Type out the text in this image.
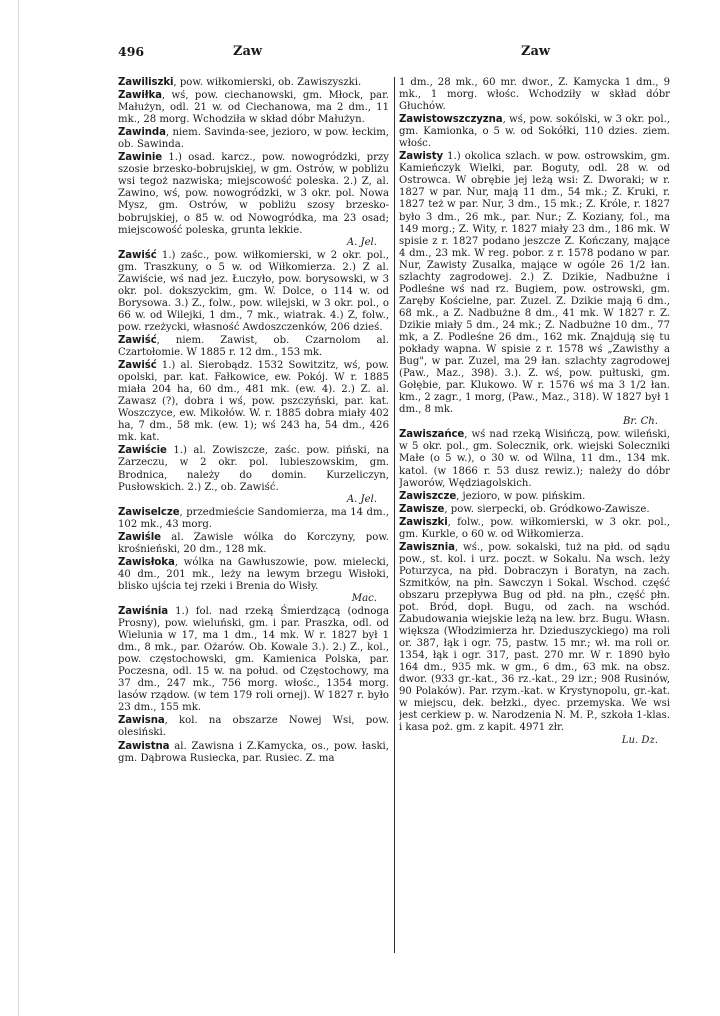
496	Zaw	Zaw

Zawiliszki, pow. wiłkomierski, ob. Zawiszyszki.

Zawiłka, wś, pow. ciechanowski, gm. Młock, par. Małużyn, odl. 21 w. od Ciechanowa, ma 2 dm., 11 mk., 28 morg. Wchodziła w skład dóbr Małużyn.

Zawinda, niem. Savinda-see, jezioro, w pow. łeckim, ob. Sawinda.

Zawinie 1.) osad. karcz., pow. nowogródzki, przy szosie brzesko-bobrujskiej, w gm. Ostrów, w pobliżu wsi tegoż nazwiska; miejscowość poleska. 2.) Z, al. Zawino, wś, pow. nowogródzki, w 3 okr. pol. Nowa Mysz, gm. Ostrów, w pobliżu szosy brzesko-bobrujskiej, o 85 w. od Nowogródka, ma 23 osad; miejscowość poleska, grunta lekkie.
A. Jel.

Zawiść 1.) zaśc., pow. wiłkomierski, w 2 okr. pol., gm. Traszkuny, o 5 w. od Wiłkomierza. 2.) Z al. Zawiście, wś nad jez. Łuczyło, pow. borysowski, w 3 okr. pol. dokszyckim, gm. W. Dolce, o 114 w. od Borysowa. 3.) Z., folw., pow. wilejski, w 3 okr. pol., o 66 w. od Wilejki, 1 dm., 7 mk., wiatrak. 4.) Z, folw., pow. rzeżycki, własność Awdoszczenków, 206 dzieś.

Zawiść, niem. Zawist, ob. Czarnolom al. Czartołomie. W 1885 r. 12 dm., 153 mk.

Zawiść 1.) al. Sierobądz. 1532 Sowitzitz, wś, pow. opolski, par. kat. Fałkowice, ew. Pokój. W r. 1885 miała 204 ha, 60 dm., 481 mk. (ew. 4). 2.) Z. al. Zawasz (?), dobra i wś, pow. pszczyński, par. kat. Woszczyce, ew. Mikołów. W. r. 1885 dobra miały 402 ha, 7 dm., 58 mk. (ew. 1); wś 243 ha, 54 dm., 426 mk. kat.

Zawiście 1.) al. Zowiszcze, zaśc. pow. piński, na Zarzeczu, w 2 okr. pol. lubieszowskim, gm. Brodnica, należy do domin. Kurzeliczyn, Pusłowskich. 2.) Z., ob. Zawiść.
A. Jel.

Zawiselcze, przedmieście Sandomierza, ma 14 dm., 102 mk., 43 morg.

Zawiśle al. Zawisle wólka do Korczyny, pow. krośnieński, 20 dm., 128 mk.

Zawisłoka, wólka na Gawłuszowie, pow. mielecki, 40 dm., 201 mk., leży na lewym brzegu Wisłoki, blisko ujścia tej rzeki i Brenia do Wisły.
Mac.

Zawiśnia 1.) fol. nad rzeką Śmierdzącą (odnoga Prosny), pow. wieluński, gm. i par. Praszka, odl. od Wielunia w 17, ma 1 dm., 14 mk. W r. 1827 był 1 dm., 8 mk., par. Ożarów. Ob. Kowale 3.). 2.) Z., kol., pow. częstochowski, gm. Kamienica Polska, par. Poczesna, odl. 15 w. na połud. od Częstochowy, ma 37 dm., 247 mk., 756 morg. włośc., 1354 morg. lasów rządow. (w tem 179 roli ornej). W 1827 r. było 23 dm., 155 mk.

Zawisna, kol. na obszarze Nowej Wsi, pow. olesiński.

Zawistna al. Zawisna i Z.Kamycka, os., pow. łaski, gm. Dąbrowa Rusiecka, par. Rusiec. Z. ma

1 dm., 28 mk., 60 mr. dwor., Z. Kamycka 1 dm., 9 mk., 1 morg. włośc. Wchodziły w skład dóbr Głuchów.

Zawistowszczyzna, wś, pow. sokólski, w 3 okr. pol., gm. Kamionka, o 5 w. od Sokółki, 110 dzies. ziem. włośc.

Zawisty 1.) okolica szlach. w pow. ostrowskim, gm. Kamieńczyk Wielki, par. Boguty, odl. 28 w. od Ostrowca. W obrębie jej leżą wsi: Z. Dworaki; w r. 1827 w par. Nur, mają 11 dm., 54 mk.; Z. Kruki, r. 1827 też w par. Nur, 3 dm., 15 mk.; Z. Króle, r. 1827 było 3 dm., 26 mk., par. Nur.; Z. Koziany, fol., ma 149 morg.; Z. Wity, r. 1827 miały 23 dm., 186 mk. W spisie z r. 1827 podano jeszcze Z. Kończany, mające 4 dm., 23 mk. W reg. pobor. z r. 1578 podano w par. Nur, Zawisty Zusalka, mające w ogóle 26 1/2 łan. szlachty zagrodowej. 2.) Z. Dzikie, Nadbużne i Podleśne wś nad rz. Bugiem, pow. ostrowski, gm. Zaręby Kościelne, par. Zuzel. Z. Dzikie mają 6 dm., 68 mk., a Z. Nadbużne 8 dm., 41 mk. W 1827 r. Z. Dzikie miały 5 dm., 24 mk.; Z. Nadbużne 10 dm., 77 mk, a Z. Podleśne 26 dm., 162 mk. Znajdują się tu pokłady wapna. W spisie z r. 1578 wś „Zawisthy a Bug", w par. Zuzel, ma 29 łan. szlachty zagrodowej (Paw., Maz., 398). 3.). Z. wś, pow. pułtuski, gm. Gołębie, par. Klukowo. W r. 1576 wś ma 3 1/2 łan. km., 2 zagr., 1 morg, (Paw., Maz., 318). W 1827 był 1 dm., 8 mk.
Br. Ch.

Zawiszańce, wś nad rzeką Wisińczą, pow. wileński, w 5 okr. pol., gm. Solecznik, ork. wiejski Soleczniki Małe (o 5 w.), o 30 w. od Wilna, 11 dm., 134 mk. katol. (w 1866 r. 53 dusz rewiz.); należy do dóbr Jaworów, Wędziagolskich.

Zawiszcze, jezioro, w pow. pińskim.

Zawisze, pow. sierpecki, ob. Gródkowo-Zawisze.

Zawiszki, folw., pow. wiłkomierski, w 3 okr. pol., gm. Kurkle, o 60 w. od Wiłkomierza.

Zawisznia, wś., pow. sokalski, tuż na płd. od sądu pow., st. kol. i urz. poczt. w Sokalu. Na wsch. leży Poturzyca, na płd. Dobraczyn i Boratyn, na zach. Szmitków, na płn. Sawczyn i Sokal. Wschod. część obszaru przepływa Bug od płd. na płn., część płn. pot. Bród, dopł. Bugu, od zach. na wschód. Zabudowania wiejskie leżą na lew. brz. Bugu. Własn. większa (Włodzimierza hr. Dzieduszyckiego) ma roli or. 387, łąk i ogr. 75, pastw. 15 mr.; wł. ma roli or. 1354, łąk i ogr. 317, past. 270 mr. W r. 1890 było 164 dm., 935 mk. w gm., 6 dm., 63 mk. na obsz. dwor. (933 gr.-kat., 36 rz.-kat., 29 izr.; 908 Rusinów, 90 Polaków). Par. rzym.-kat. w Krystynopolu, gr.-kat. w miejscu, dek. bełzki., dyec. przemyska. We wsi jest cerkiew p. w. Narodzenia N. M. P., szkoła 1-klas. i kasa poż. gm. z kapit. 4971 złr.
Lu. Dz.
